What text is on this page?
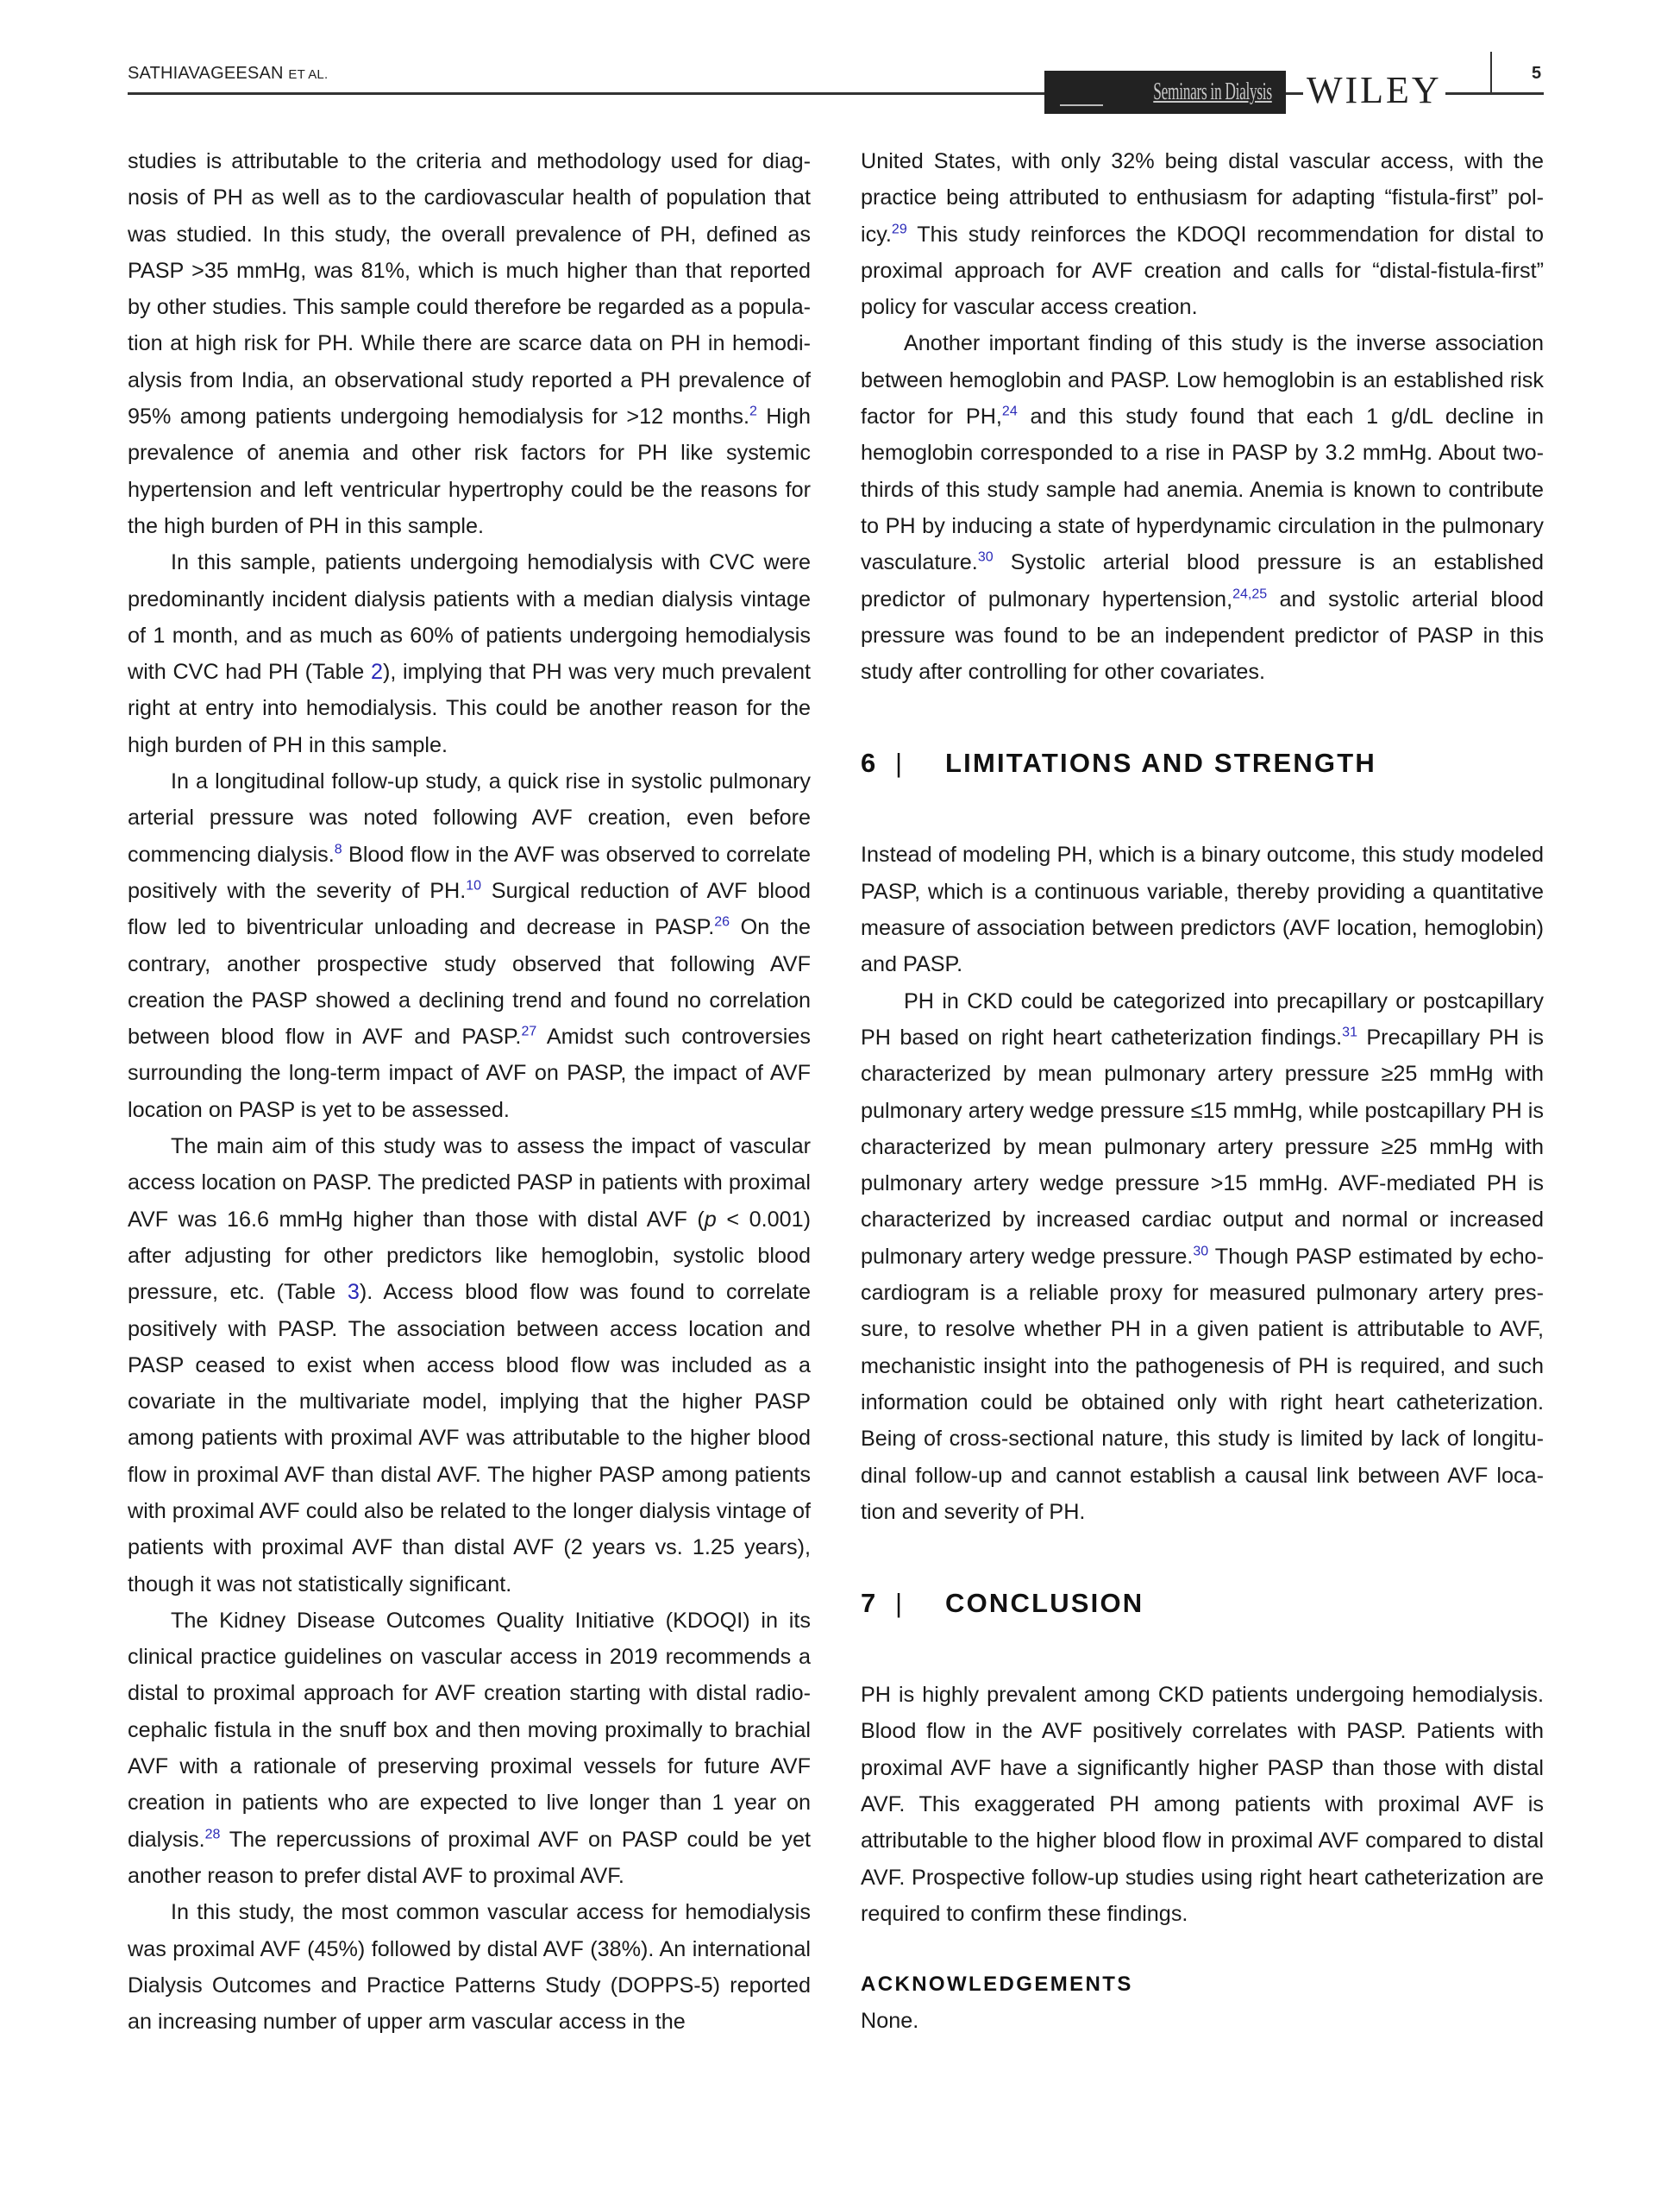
SATHIAVAGEESAN ET AL.
Seminars in Dialysis WILEY	5

studies is attributable to the criteria and methodology used for diagnosis of PH as well as to the cardiovascular health of population that was studied. In this study, the overall prevalence of PH, defined as PASP >35 mmHg, was 81%, which is much higher than that reported by other studies. This sample could therefore be regarded as a population at high risk for PH. While there are scarce data on PH in hemodialysis from India, an observational study reported a PH prevalence of 95% among patients undergoing hemodialysis for >12 months.$^2$ High prevalence of anemia and other risk factors for PH like systemic hypertension and left ventricular hypertrophy could be the reasons for the high burden of PH in this sample.

In this sample, patients undergoing hemodialysis with CVC were predominantly incident dialysis patients with a median dialysis vintage of 1 month, and as much as 60% of patients undergoing hemodialysis with CVC had PH (Table 2), implying that PH was very much prevalent right at entry into hemodialysis. This could be another reason for the high burden of PH in this sample.

In a longitudinal follow-up study, a quick rise in systolic pulmonary arterial pressure was noted following AVF creation, even before commencing dialysis.$^8$ Blood flow in the AVF was observed to correlate positively with the severity of PH.$^{10}$ Surgical reduction of AVF blood flow led to biventricular unloading and decrease in PASP.$^{26}$ On the contrary, another prospective study observed that following AVF creation the PASP showed a declining trend and found no correlation between blood flow in AVF and PASP.$^{27}$ Amidst such controversies surrounding the long-term impact of AVF on PASP, the impact of AVF location on PASP is yet to be assessed.

The main aim of this study was to assess the impact of vascular access location on PASP. The predicted PASP in patients with proximal AVF was 16.6 mmHg higher than those with distal AVF (p < 0.001) after adjusting for other predictors like hemoglobin, systolic blood pressure, etc. (Table 3). Access blood flow was found to correlate positively with PASP. The association between access location and PASP ceased to exist when access blood flow was included as a covariate in the multivariate model, implying that the higher PASP among patients with proximal AVF was attributable to the higher blood flow in proximal AVF than distal AVF. The higher PASP among patients with proximal AVF could also be related to the longer dialysis vintage of patients with proximal AVF than distal AVF (2 years vs. 1.25 years), though it was not statistically significant.

The Kidney Disease Outcomes Quality Initiative (KDOQI) in its clinical practice guidelines on vascular access in 2019 recommends a distal to proximal approach for AVF creation starting with distal radio-cephalic fistula in the snuff box and then moving proximally to brachial AVF with a rationale of preserving proximal vessels for future AVF creation in patients who are expected to live longer than 1 year on dialysis.$^{28}$ The repercussions of proximal AVF on PASP could be yet another reason to prefer distal AVF to proximal AVF.

In this study, the most common vascular access for hemodialysis was proximal AVF (45%) followed by distal AVF (38%). An international Dialysis Outcomes and Practice Patterns Study (DOPPS-5) reported an increasing number of upper arm vascular access in the

United States, with only 32% being distal vascular access, with the practice being attributed to enthusiasm for adapting “fistula-first” policy.$^{29}$ This study reinforces the KDOQI recommendation for distal to proximal approach for AVF creation and calls for “distal-fistula-first” policy for vascular access creation.

Another important finding of this study is the inverse association between hemoglobin and PASP. Low hemoglobin is an established risk factor for PH,$^{24}$ and this study found that each 1 g/dL decline in hemoglobin corresponded to a rise in PASP by 3.2 mmHg. About two-thirds of this study sample had anemia. Anemia is known to contribute to PH by inducing a state of hyperdynamic circulation in the pulmonary vasculature.$^{30}$ Systolic arterial blood pressure is an established predictor of pulmonary hypertension,$^{24,25}$ and systolic arterial blood pressure was found to be an independent predictor of PASP in this study after controlling for other covariates.

6 | LIMITATIONS AND STRENGTH

Instead of modeling PH, which is a binary outcome, this study modeled PASP, which is a continuous variable, thereby providing a quantitative measure of association between predictors (AVF location, hemoglobin) and PASP.

PH in CKD could be categorized into precapillary or postcapillary PH based on right heart catheterization findings.$^{31}$ Precapillary PH is characterized by mean pulmonary artery pressure ≥25 mmHg with pulmonary artery wedge pressure ≤15 mmHg, while postcapillary PH is characterized by mean pulmonary artery pressure ≥25 mmHg with pulmonary artery wedge pressure >15 mmHg. AVF-mediated PH is characterized by increased cardiac output and normal or increased pulmonary artery wedge pressure.$^{30}$ Though PASP estimated by echocardiogram is a reliable proxy for measured pulmonary artery pressure, to resolve whether PH in a given patient is attributable to AVF, mechanistic insight into the pathogenesis of PH is required, and such information could be obtained only with right heart catheterization. Being of cross-sectional nature, this study is limited by lack of longitudinal follow-up and cannot establish a causal link between AVF location and severity of PH.

7 | CONCLUSION

PH is highly prevalent among CKD patients undergoing hemodialysis. Blood flow in the AVF positively correlates with PASP. Patients with proximal AVF have a significantly higher PASP than those with distal AVF. This exaggerated PH among patients with proximal AVF is attributable to the higher blood flow in proximal AVF compared to distal AVF. Prospective follow-up studies using right heart catheterization are required to confirm these findings.

ACKNOWLEDGEMENTS

None.
